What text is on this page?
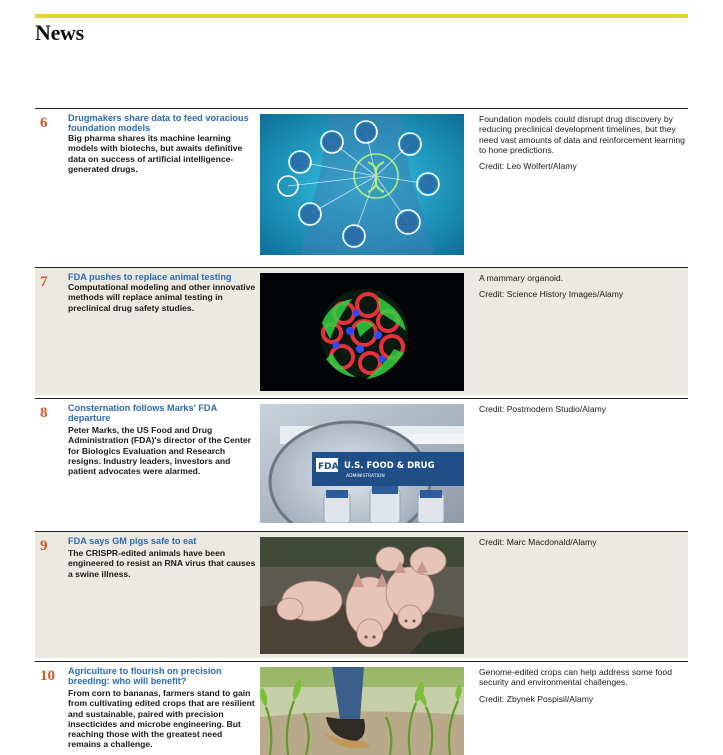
News
6 Drugmakers share data to feed voracious foundation models
Big pharma shares its machine learning models with biotechs, but awaits definitive data on success of artificial intelligence-generated drugs.
Foundation models could disrupt drug discovery by reducing preclinical development timelines, but they need vast amounts of data and reinforcement learning to hone predictions.
Credit: Leo Wolfert/Alamy
7 FDA pushes to replace animal testing
Computational modeling and other innovative methods will replace animal testing in preclinical drug safety studies.
A mammary organoid.
Credit: Science History Images/Alamy
8 Consternation follows Marks' FDA departure
Peter Marks, the US Food and Drug Administration (FDA)'s director of the Center for Biologics Evaluation and Research resigns. Industry leaders, investors and patient advocates were alarmed.	FDA U.S. FOOD & DRUG
ADMINISTRATION
Credit: Postmodern Studio/Alamy
9 FDA says GM pigs safe to eat
The CRISPR-edited animals have been engineered to resist an RNA virus that causes a swine illness.
Credit: Marc Macdonald/Alamy
10 Agriculture to flourish on precision breeding: who will benefit?
From corn to bananas, farmers stand to gain from cultivating edited crops that are resilient and sustainable, paired with precision insecticides and microbe engineering. But reaching those with the greatest need remains a challenge.
Genome-edited crops can help address some food security and environmental challenges.
Credit: Zbynek Pospisil/Alamy
